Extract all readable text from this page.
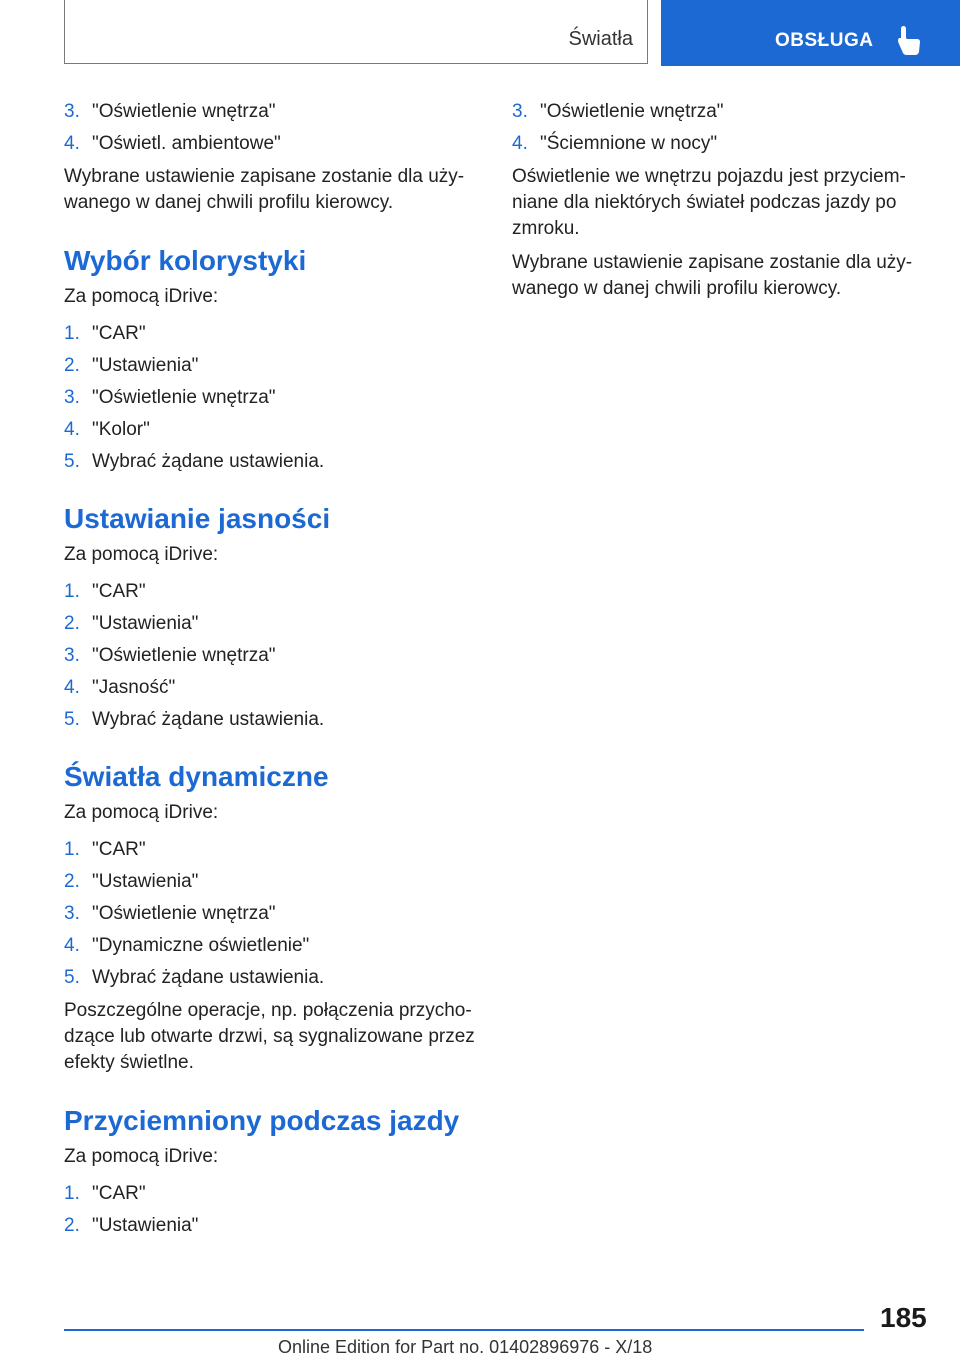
Światła	OBSŁUGA
3. "Oświetlenie wnętrza"
4. "Oświetl. ambientowe"

Wybrane ustawienie zapisane zostanie dla uży-
wanego w danej chwili profilu kierowcy.

Wybór kolorystyki

Za pomocą iDrive:

1. "CAR"
2. "Ustawienia"
3. "Oświetlenie wnętrza"
4. "Kolor"
5. Wybrać żądane ustawienia.
Ustawianie jasności

Za pomocą iDrive:

1. "CAR"
2. "Ustawienia"
3. "Oświetlenie wnętrza"
4. "Jasność"
5. Wybrać żądane ustawienia.
Światła dynamiczne

Za pomocą iDrive:

1. "CAR"
2. "Ustawienia"
3. "Oświetlenie wnętrza"
4. "Dynamiczne oświetlenie"
5. Wybrać żądane ustawienia.

Poszczególne operacje, np. połączenia przycho-
dzące lub otwarte drzwi, są sygnalizowane przez
efekty świetlne.

Przyciemniony podczas jazdy

Za pomocą iDrive:

1. "CAR"
2. "Ustawienia"
3. "Oświetlenie wnętrza"
4. "Ściemnione w nocy"

Oświetlenie we wnętrzu pojazdu jest przyciem-
niane dla niektórych świateł podczas jazdy po
zmroku.

Wybrane ustawienie zapisane zostanie dla uży-
wanego w danej chwili profilu kierowcy.

185
Online Edition for Part no. 01402896976 - X/18
